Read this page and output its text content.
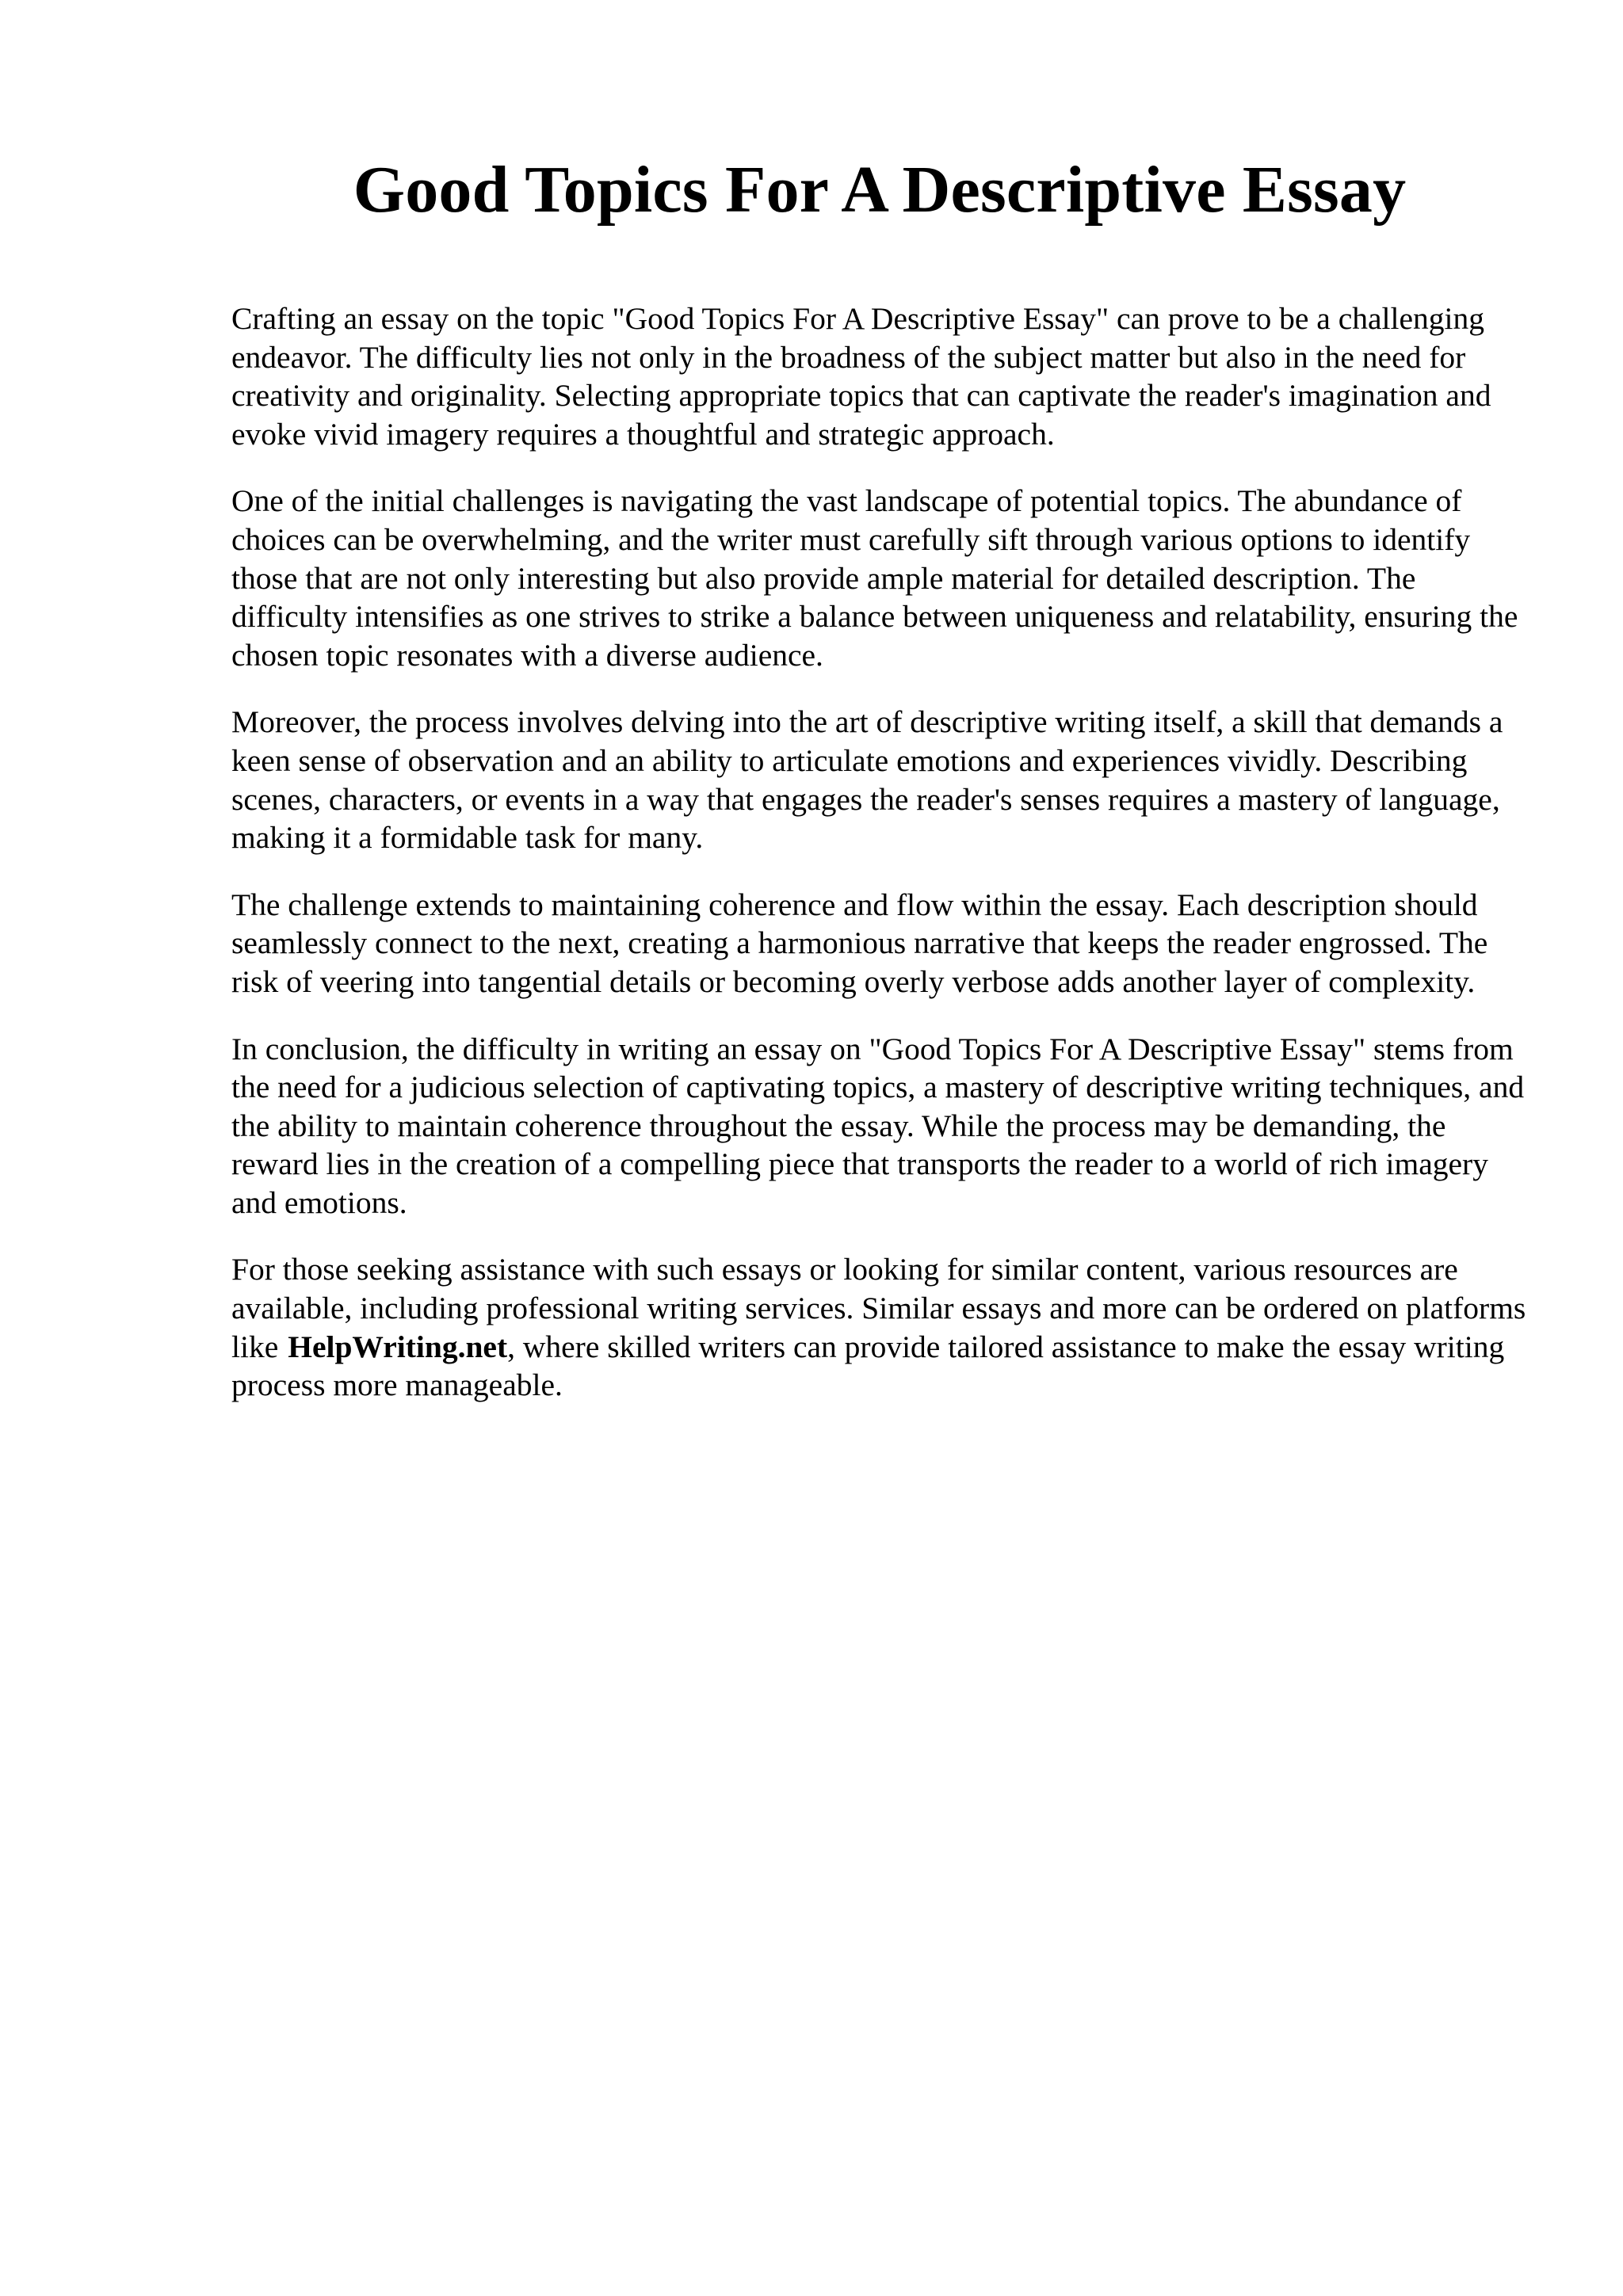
Good Topics For A Descriptive Essay

Crafting an essay on the topic "Good Topics For A Descriptive Essay" can prove to be a challenging endeavor. The difficulty lies not only in the broadness of the subject matter but also in the need for creativity and originality. Selecting appropriate topics that can captivate the reader's imagination and evoke vivid imagery requires a thoughtful and strategic approach.

One of the initial challenges is navigating the vast landscape of potential topics. The abundance of choices can be overwhelming, and the writer must carefully sift through various options to identify those that are not only interesting but also provide ample material for detailed description. The difficulty intensifies as one strives to strike a balance between uniqueness and relatability, ensuring the chosen topic resonates with a diverse audience.

Moreover, the process involves delving into the art of descriptive writing itself, a skill that demands a keen sense of observation and an ability to articulate emotions and experiences vividly. Describing scenes, characters, or events in a way that engages the reader's senses requires a mastery of language, making it a formidable task for many.

The challenge extends to maintaining coherence and flow within the essay. Each description should seamlessly connect to the next, creating a harmonious narrative that keeps the reader engrossed. The risk of veering into tangential details or becoming overly verbose adds another layer of complexity.

In conclusion, the difficulty in writing an essay on "Good Topics For A Descriptive Essay" stems from the need for a judicious selection of captivating topics, a mastery of descriptive writing techniques, and the ability to maintain coherence throughout the essay. While the process may be demanding, the reward lies in the creation of a compelling piece that transports the reader to a world of rich imagery and emotions.

For those seeking assistance with such essays or looking for similar content, various resources are available, including professional writing services. Similar essays and more can be ordered on platforms like HelpWriting.net, where skilled writers can provide tailored assistance to make the essay writing process more manageable.
